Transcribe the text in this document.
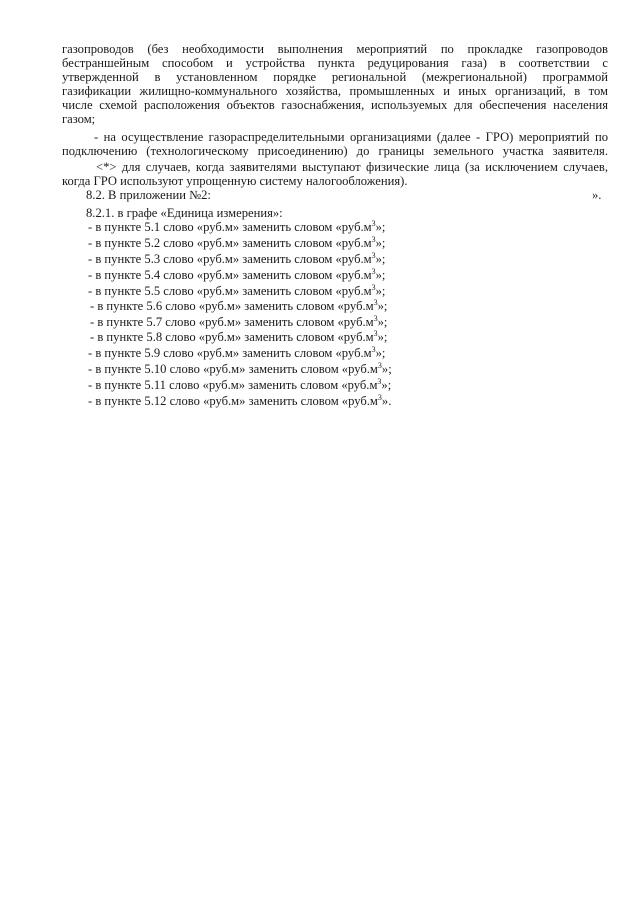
газопроводов (без необходимости выполнения мероприятий по прокладке газопроводов
бестраншейным способом и устройства пункта редуцирования газа) в соответствии с
утвержденной в установленном порядке региональной (межрегиональной) программой
газификации жилищно-коммунального хозяйства, промышленных и иных организаций, в том
числе схемой расположения объектов газоснабжения, используемых для обеспечения населения
газом;
- на осуществление газораспределительными организациями (далее - ГРО) мероприятий по
подключению (технологическому присоединению) до границы земельного участка заявителя.
<*> для случаев, когда заявителями выступают физические лица (за исключением случаев,
когда ГРО используют упрощенную систему налогообложения).
».
8.2. В приложении №2:
8.2.1. в графе «Единица измерения»:
- в пункте 5.1 слово «руб.м» заменить словом «$руб.м^3$»;
- в пункте 5.2 слово «руб.м» заменить словом «$руб.м^3$»;
- в пункте 5.3 слово «руб.м» заменить словом «$руб.м^3$»;
- в пункте 5.4 слово «руб.м» заменить словом «$руб.м^3$»;
- в пункте 5.5 слово «руб.м» заменить словом «$руб.м^3$»;
- в пункте 5.6 слово «руб.м» заменить словом «$руб.м^3$»;
- в пункте 5.7 слово «руб.м» заменить словом «$руб.м^3$»;
- в пункте 5.8 слово «руб.м» заменить словом «$руб.м^3$»;
- в пункте 5.9 слово «руб.м» заменить словом «$руб.м^3$»;
- в пункте 5.10 слово «руб.м» заменить словом «$руб.м^3$»;
- в пункте 5.11 слово «руб.м» заменить словом «$руб.м^3$»;
- в пункте 5.12 слово «руб.м» заменить словом «$руб.м^3$».
